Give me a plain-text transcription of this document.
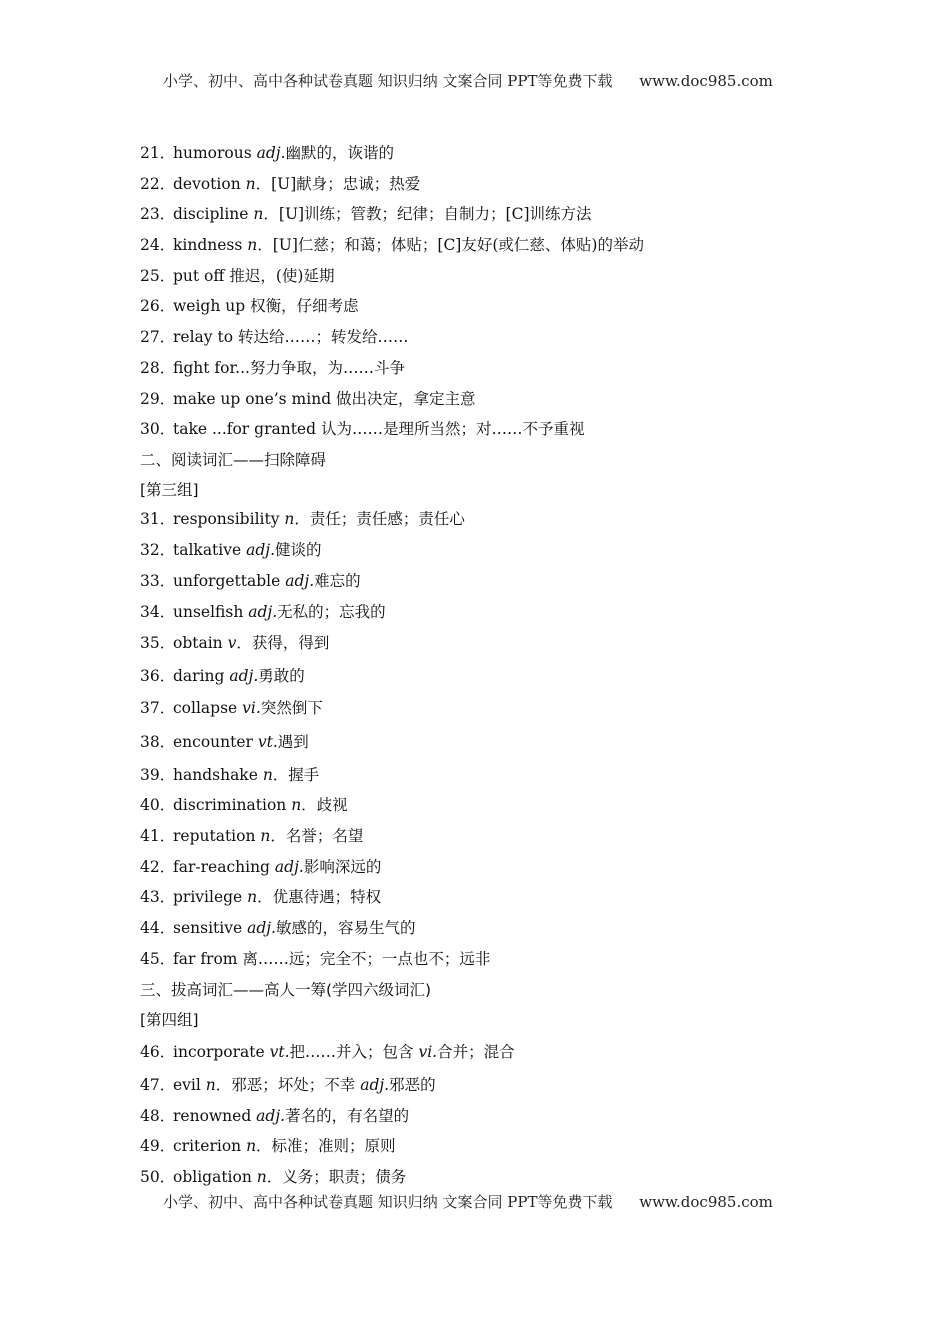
小学、初中、高中各种试卷真题 知识归纳 文案合同 PPT等免费下载 www.doc985.com
21．humorous adj.幽默的，诙谐的
22．devotion n．[U]献身；忠诚；热爱
23．discipline n．[U]训练；管教；纪律；自制力；[C]训练方法
24．kindness n．[U]仁慈；和蔼；体贴；[C]友好(或仁慈、体贴)的举动
25．put off 推迟，(使)延期
26．weigh up 权衡，仔细考虑
27．relay to 转达给……；转发给……
28．fight for...努力争取，为……斗争
29．make up one’s mind 做出决定，拿定主意
30．take ...for granted 认为……是理所当然；对……不予重视
二、阅读词汇——扫除障碍
[第三组]
31．responsibility n．责任；责任感；责任心
32．talkative adj.健谈的
33．unforgettable adj.难忘的
34．unselfish adj.无私的；忘我的
35．obtain v．获得，得到
36．daring adj.勇敢的
37．collapse vi.突然倒下
38．encounter vt.遇到
39．handshake n．握手
40．discrimination n．歧视
41．reputation n．名誉；名望
42．far-reaching adj.影响深远的
43．privilege n．优惠待遇；特权
44．sensitive adj.敏感的，容易生气的
45．far from 离……远；完全不；一点也不；远非
三、拔高词汇——高人一筹(学四六级词汇)
[第四组]
46．incorporate vt.把……并入；包含 vi.合并；混合
47．evil n．邪恶；坏处；不幸 adj.邪恶的
48．renowned adj.著名的，有名望的
49．criterion n．标准；准则；原则
50．obligation n．义务；职责；债务
小学、初中、高中各种试卷真题 知识归纳 文案合同 PPT等免费下载 www.doc985.com
